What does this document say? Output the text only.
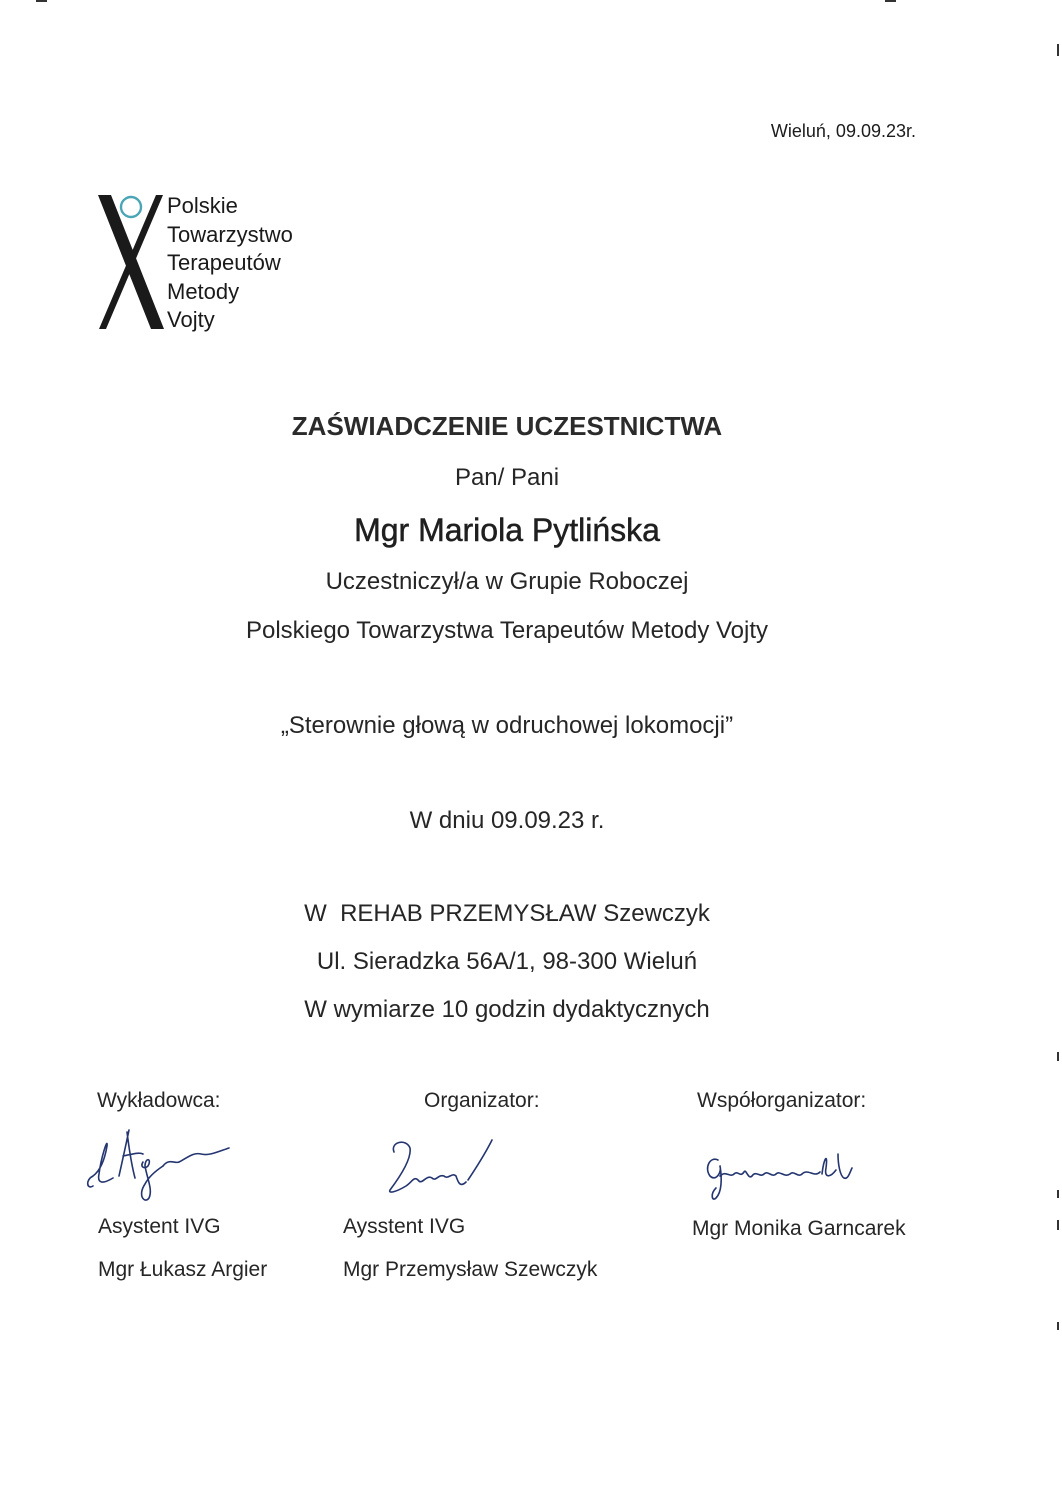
Wieluń, 09.09.23r.
Polskie
Towarzystwo
Terapeutów
Metody
Vojty
ZAŚWIADCZENIE UCZESTNICTWA
Pan/ Pani
Mgr Mariola Pytlińska
Uczestniczył/a w Grupie Roboczej
Polskiego Towarzystwa Terapeutów Metody Vojty
„Sterownie głową w odruchowej lokomocji”
W dniu 09.09.23 r.
W  REHAB PRZEMYSŁAW Szewczyk
Ul. Sieradzka 56A/1, 98-300 Wieluń
W wymiarze 10 godzin dydaktycznych
Wykładowca:	Organizator:	Współorganizator:
Asystent IVG	Aysstent IVG	Mgr Monika Garncarek
Mgr Łukasz Argier	Mgr Przemysław Szewczyk
